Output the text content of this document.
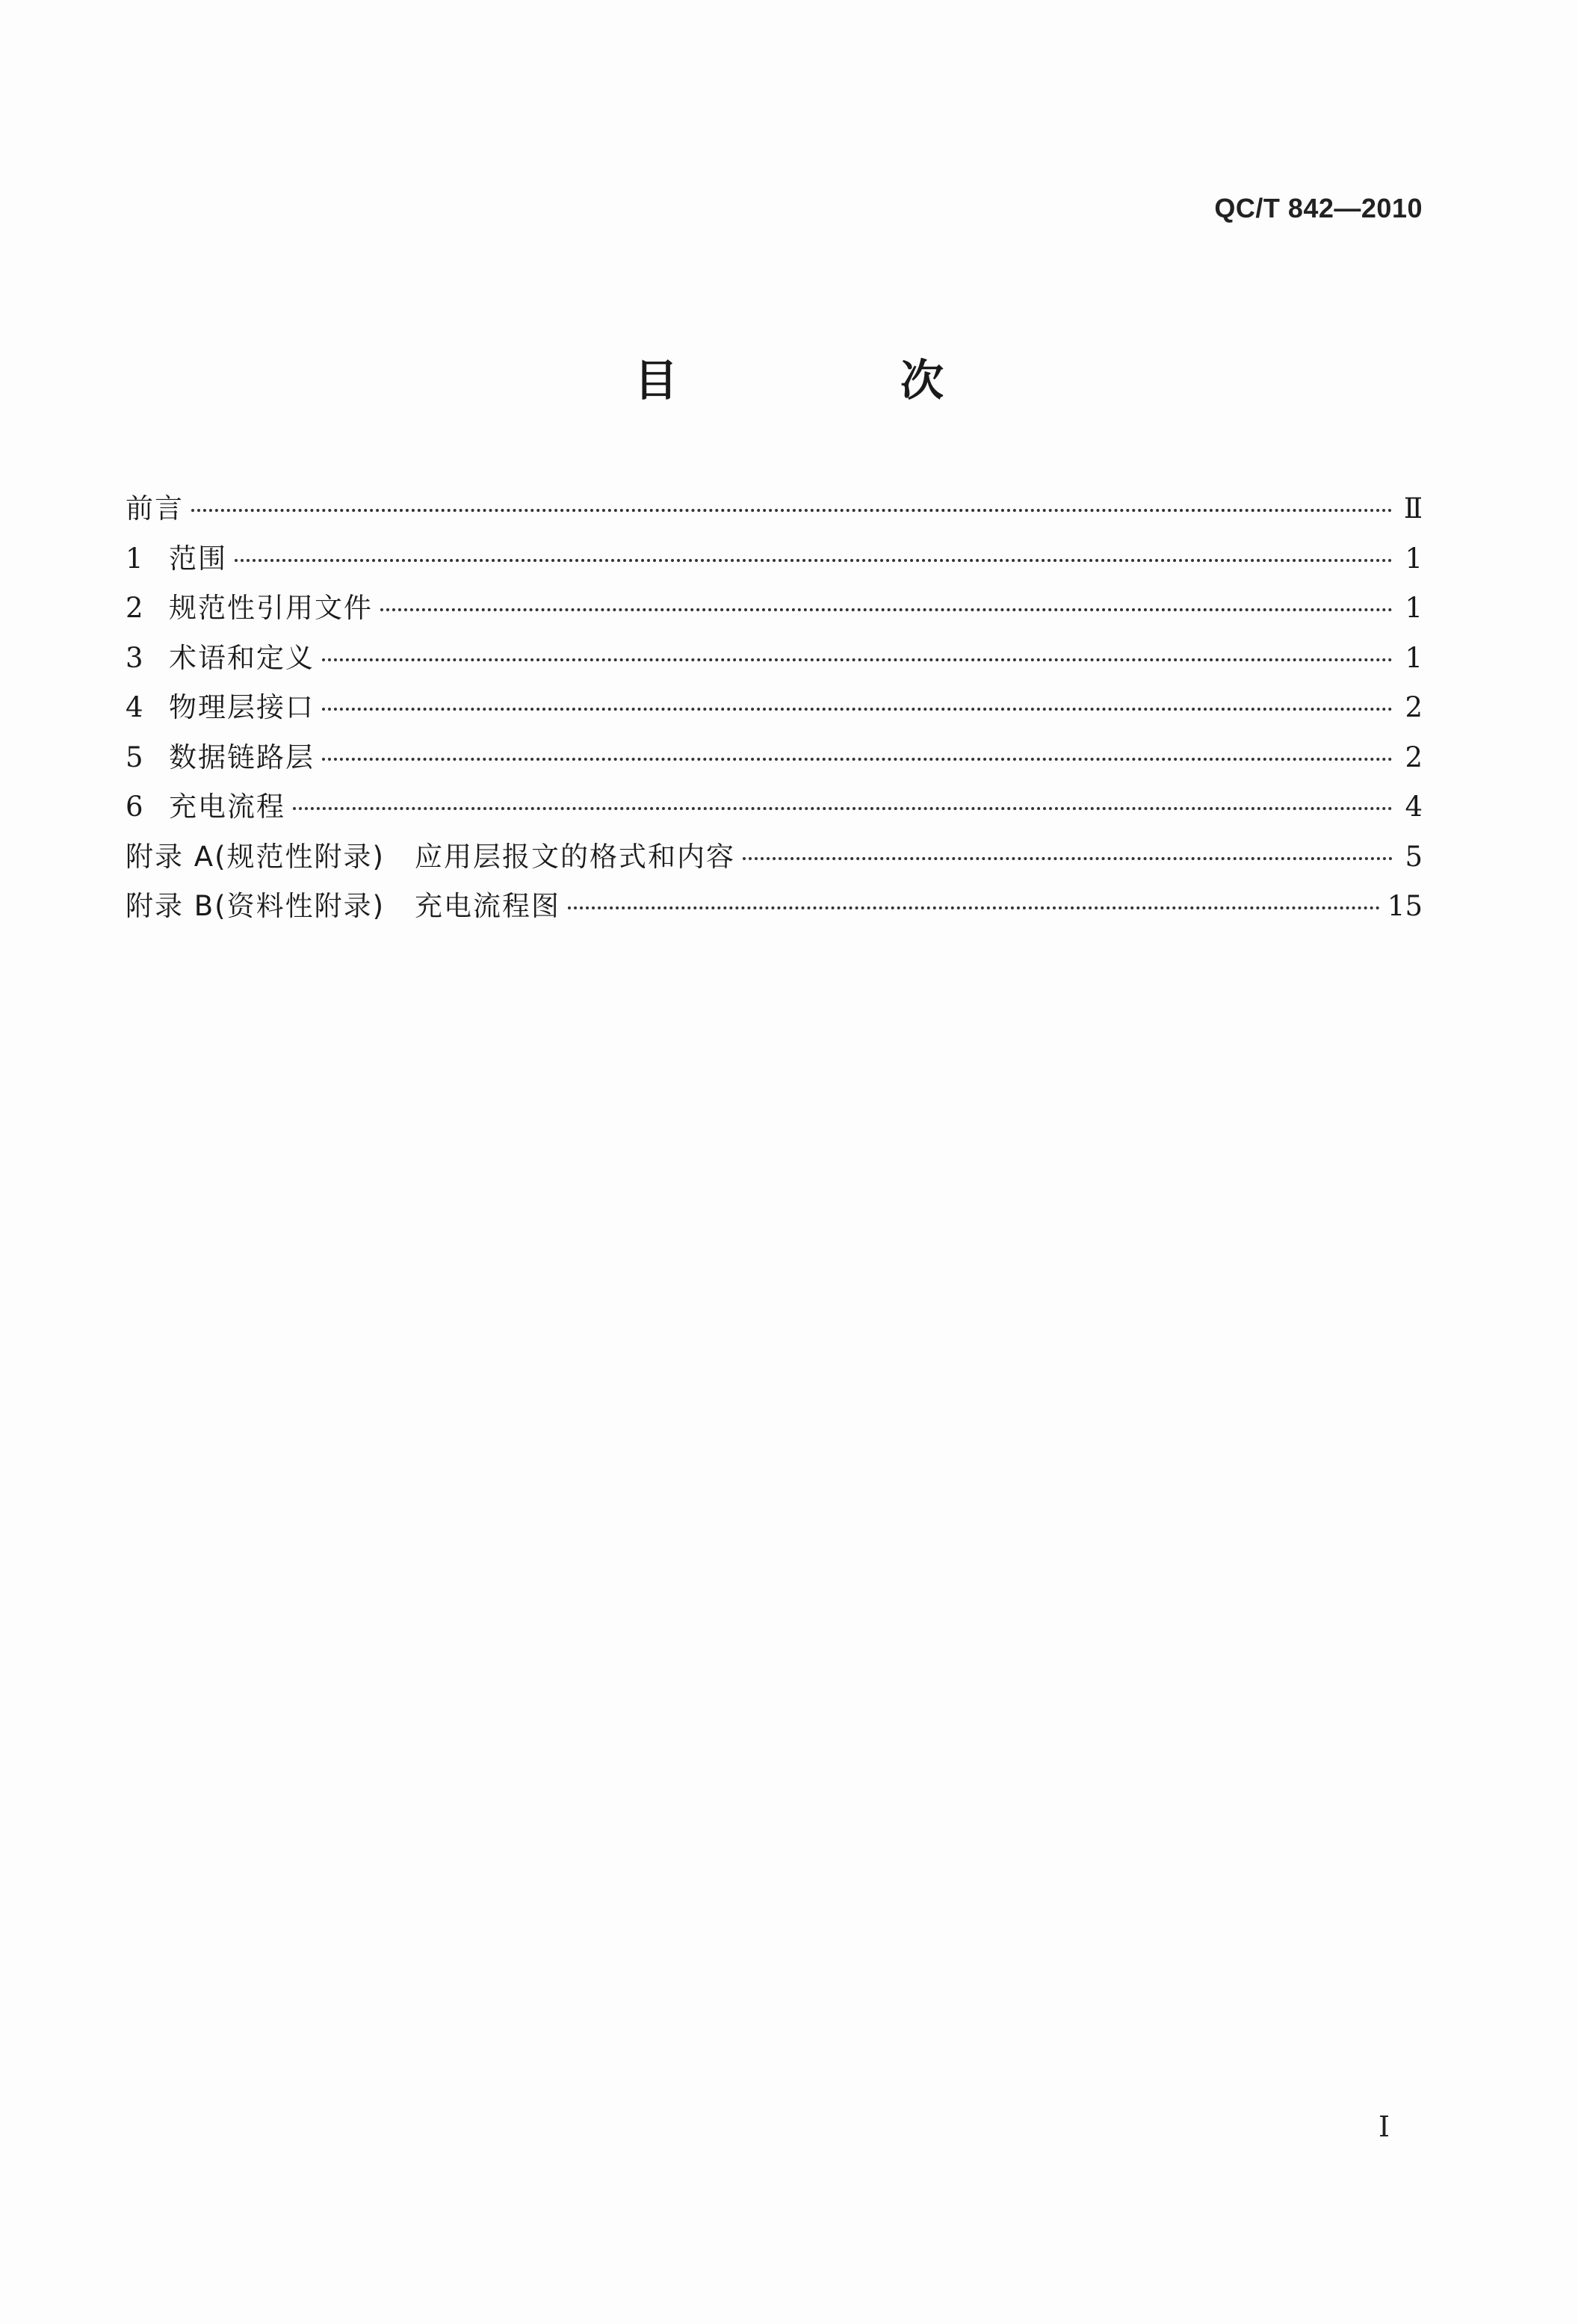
QC/T 842—2010
目　次
前言	Ⅱ
1 范围	1
2 规范性引用文件	1
3 术语和定义	1
4 物理层接口	2
5 数据链路层	2
6 充电流程	4
附录 A(规范性附录) 应用层报文的格式和内容	5
附录 B(资料性附录) 充电流程图	15
I
